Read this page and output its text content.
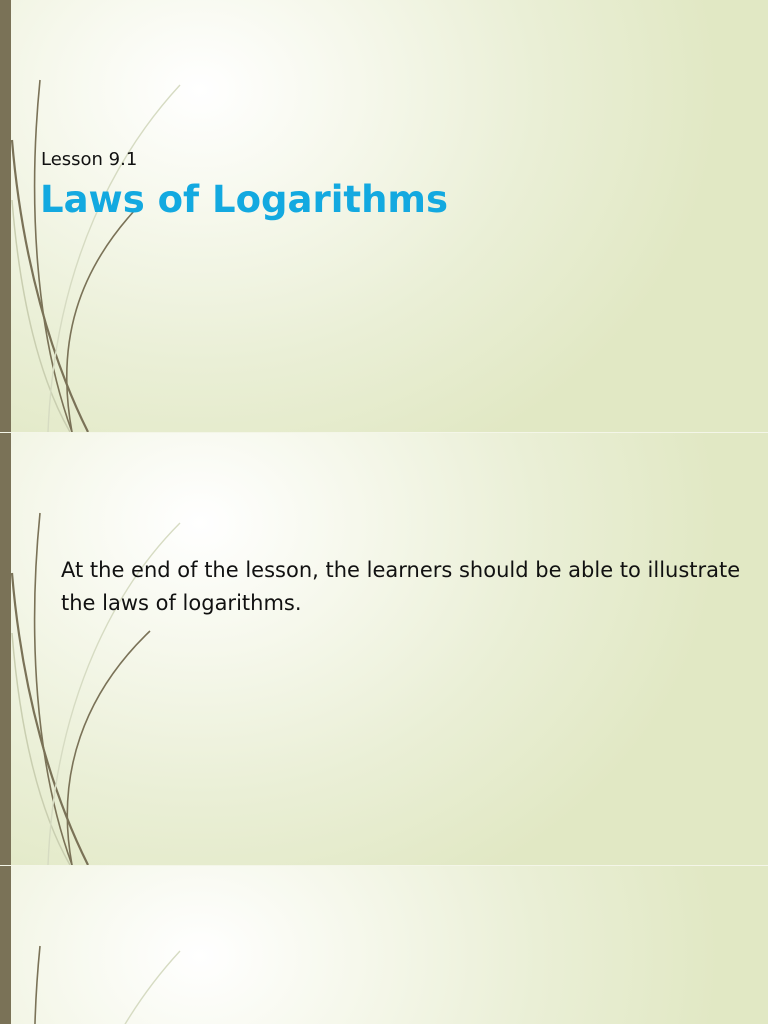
Lesson 9.1
Laws of Logarithms
At the end of the lesson, the learners should be able to illustrate the laws of logarithms.
